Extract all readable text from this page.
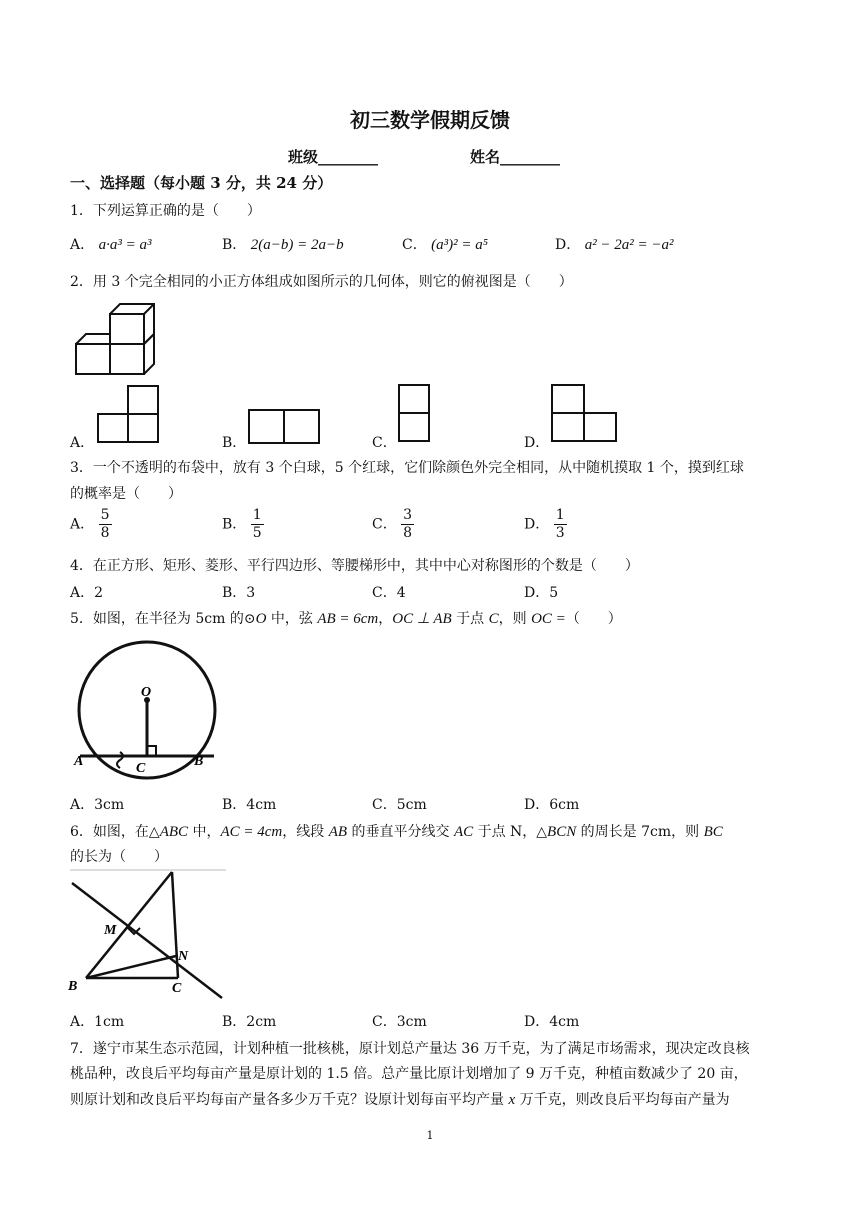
初三数学假期反馈
班级________	姓名________
一、选择题（每小题 3 分，共 24 分）
1．下列运算正确的是（　　）
A． a·a³ = a³	B． 2(a−b) = 2a−b	C． (a³)² = a⁵	D． a² − 2a² = −a²
2．用 3 个完全相同的小正方体组成如图所示的几何体，则它的俯视图是（　　）
A．	B．	C．	D．
3．一个不透明的布袋中，放有 3 个白球，5 个红球，它们除颜色外完全相同，从中随机摸取 1 个，摸到红球
的概率是（　　）
A． $\frac{5}{8}$	B． $\frac{1}{5}$	C． $\frac{3}{8}$	D． $\frac{1}{3}$
4．在正方形、矩形、菱形、平行四边形、等腰梯形中，其中中心对称图形的个数是（　　）
A．2	B．3	C．4	D．5
5．如图，在半径为 5cm 的⊙O 中，弦 AB = 6cm，OC ⊥ AB 于点 C，则 OC =（　　）
O
A	B
C
A．3cm	B．4cm	C．5cm	D．6cm
6．如图，在△ABC 中，AC = 4cm，线段 AB 的垂直平分线交 AC 于点 N，△BCN 的周长是 7cm，则 BC
的长为（　　）
M
N
B	C
A．1cm	B．2cm	C．3cm	D．4cm
7．遂宁市某生态示范园，计划种植一批核桃，原计划总产量达 36 万千克，为了满足市场需求，现决定改良核
桃品种，改良后平均每亩产量是原计划的 1.5 倍。总产量比原计划增加了 9 万千克，种植亩数减少了 20 亩，
则原计划和改良后平均每亩产量各多少万千克？设原计划每亩平均产量 x 万千克，则改良后平均每亩产量为
1
